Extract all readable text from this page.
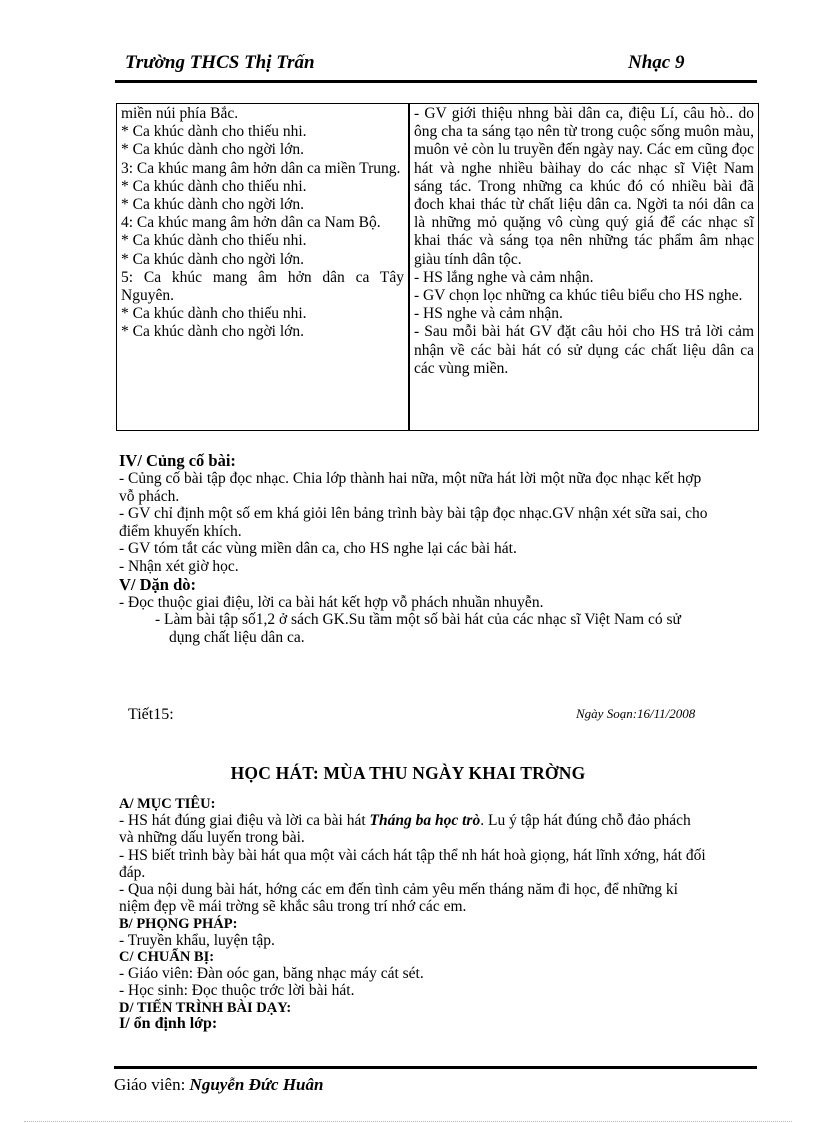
Trường THCS Thị Trấn	Nhạc 9

miền núi phía Bắc.

* Ca khúc dành cho thiếu nhi.

* Ca khúc dành cho ngời lớn.

3: Ca khúc mang âm hởn dân ca miền Trung.

* Ca khúc dành cho thiếu nhi.

* Ca khúc dành cho ngời lớn.

4: Ca khúc mang âm hởn dân ca Nam Bộ.

* Ca khúc dành cho thiếu nhi.

* Ca khúc dành cho ngời lớn.

5: Ca khúc mang âm hởn dân ca Tây Nguyên.

* Ca khúc dành cho thiếu nhi.

* Ca khúc dành cho ngời lớn.

- GV giới thiệu nhng bài dân ca, điệu Lí, câu hò.. do ông cha ta sáng tạo nên từ trong cuộc sống muôn màu, muôn vẻ còn lu truyền đến ngày nay. Các em cũng đọc hát và nghe nhiều bàihay do các nhạc sĩ Việt Nam sáng tác. Trong những ca khúc đó có nhiều bài đã đoch khai thác từ chất liệu dân ca. Ngời ta nói dân ca là những mỏ quặng vô cùng quý giá để các nhạc sĩ khai thác và sáng tọa nên những tác phẩm âm nhạc giàu tính dân tộc.

- HS lắng nghe và cảm nhận.

- GV chọn lọc những ca khúc tiêu biểu cho HS nghe.

- HS nghe và cảm nhận.

- Sau mỗi bài hát GV đặt câu hỏi cho HS trả lời cảm nhận về các bài hát có sử dụng các chất liệu dân ca các vùng miền.

IV/ Củng cố bài:

- Củng cố bài tập đọc nhạc. Chia lớp thành hai nữa, một nữa hát lời một nữa đọc nhạc kết hợp vỗ phách.

- GV chỉ định một số em khá giỏi lên bảng trình bày bài tập đọc nhạc.GV nhận xét sữa sai, cho điểm khuyến khích.

- GV tóm tắt các vùng miền dân ca, cho HS nghe lại các bài hát.

- Nhận xét giờ học.

V/ Dặn dò:

- Đọc thuộc giai điệu, lời ca bài hát kết hợp vỗ phách nhuần nhuyễn.

- Làm bài tập số1,2 ở sách GK.Su tầm một số bài hát của các nhạc sĩ Việt Nam có sử dụng chất liệu dân ca.

Tiết15:	Ngày Soạn:16/11/2008
HỌC HÁT: MÙA THU NGÀY KHAI TRỜNG

A/ MỤC TIÊU:

- HS hát đúng giai điệu và lời ca bài hát Tháng ba học trò. Lu ý tập hát đúng chỗ đảo phách và những dấu luyến trong bài.

- HS biết trình bày bài hát qua một vài cách hát tập thể nh hát hoà giọng, hát lĩnh xớng, hát đối đáp.

- Qua nội dung bài hát, hớng các em đến tình cảm yêu mến tháng năm đi học, để những kỉ niệm đẹp về mái trờng sẽ khắc sâu trong trí nhớ các em.

B/ PHỌNG PHÁP:

- Truyền khẩu, luyện tập.

C/ CHUẨN BỊ:

- Giáo viên: Đàn oóc gan, băng nhạc máy cát sét.

- Học sinh: Đọc thuộc trớc lời bài hát.

D/ TIẾN TRÌNH BÀI DẠY:

I/ ổn định lớp:

Giáo viên: Nguyễn Đức Huân
